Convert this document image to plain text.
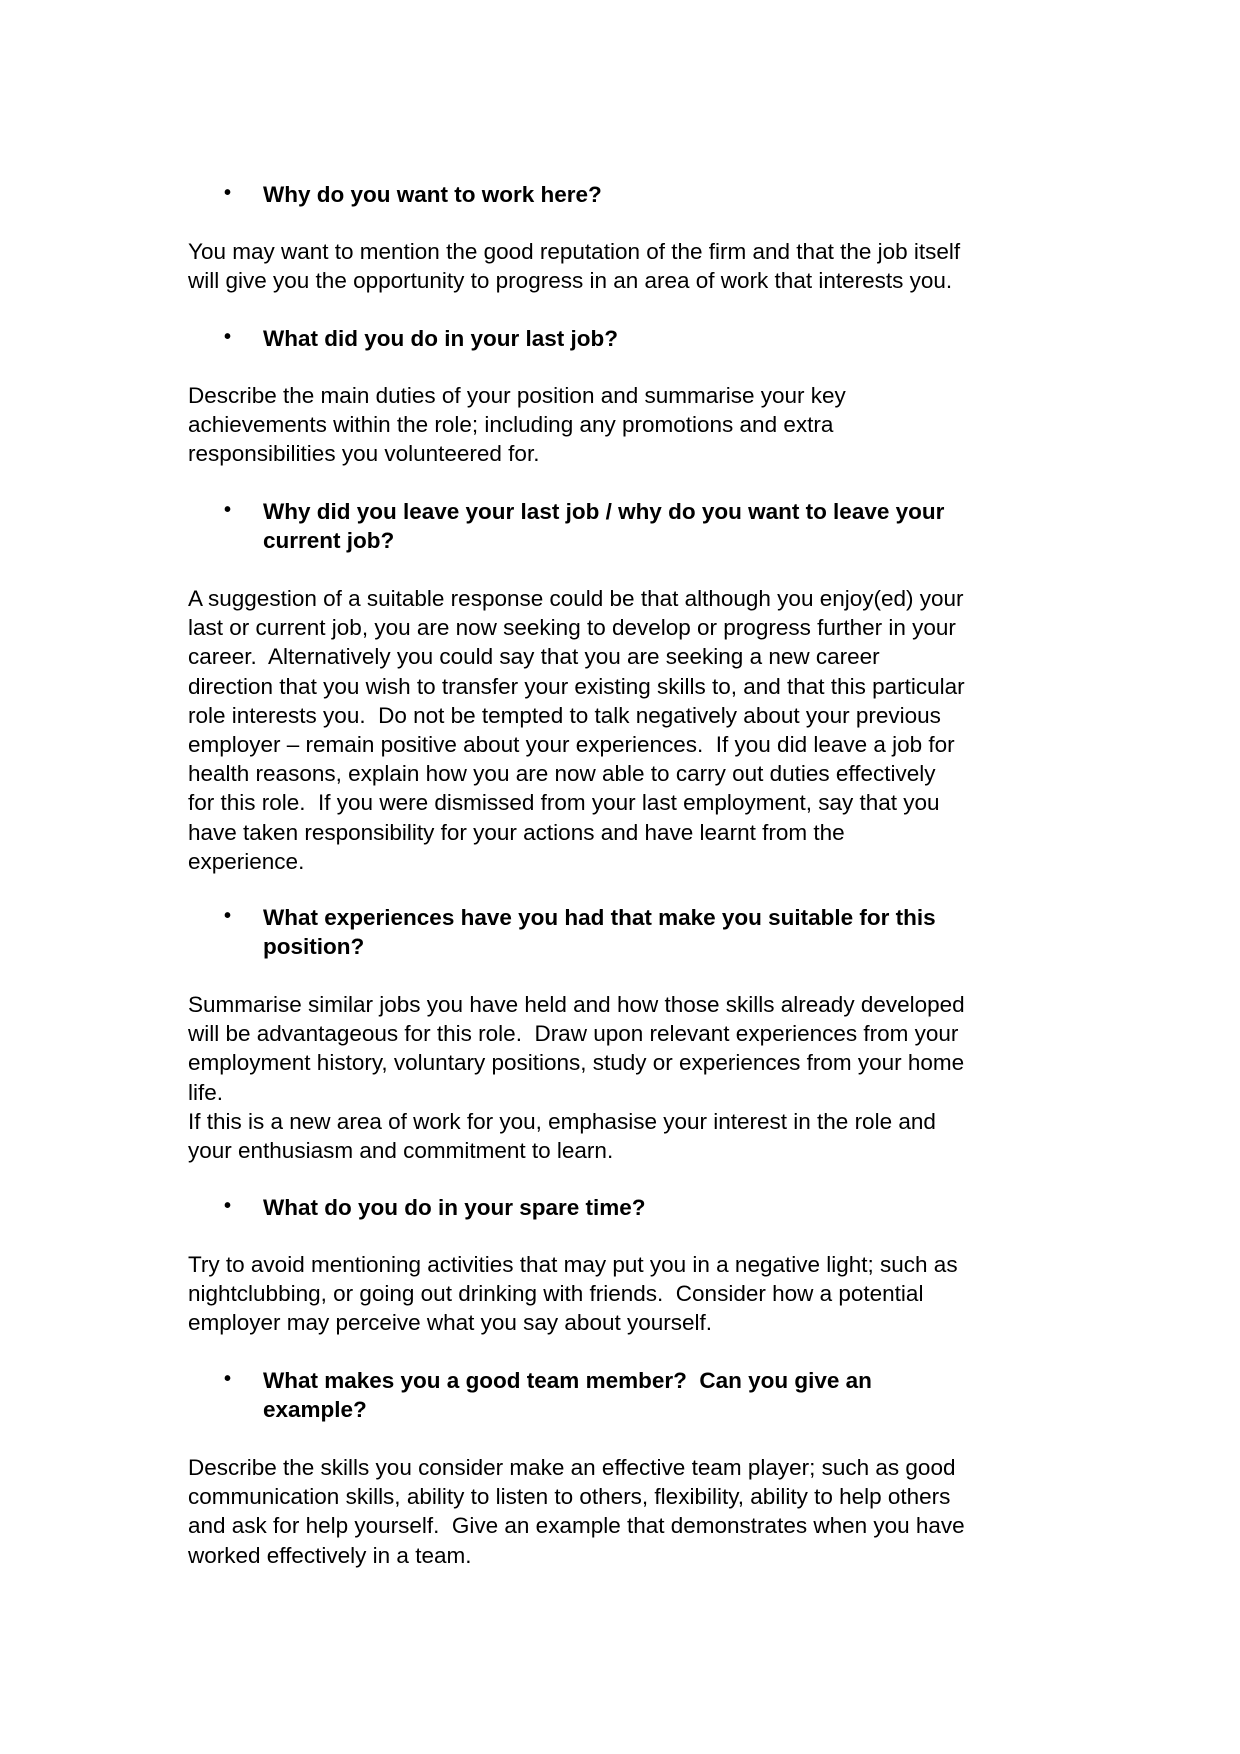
• Why do you want to work here?
You may want to mention the good reputation of the firm and that the job itself
will give you the opportunity to progress in an area of work that interests you.
• What did you do in your last job?
Describe the main duties of your position and summarise your key
achievements within the role; including any promotions and extra
responsibilities you volunteered for.
• Why did you leave your last job / why do you want to leave your
current job?
A suggestion of a suitable response could be that although you enjoy(ed) your
last or current job, you are now seeking to develop or progress further in your
career.  Alternatively you could say that you are seeking a new career
direction that you wish to transfer your existing skills to, and that this particular
role interests you.  Do not be tempted to talk negatively about your previous
employer – remain positive about your experiences.  If you did leave a job for
health reasons, explain how you are now able to carry out duties effectively
for this role.  If you were dismissed from your last employment, say that you
have taken responsibility for your actions and have learnt from the
experience.
• What experiences have you had that make you suitable for this
position?
Summarise similar jobs you have held and how those skills already developed
will be advantageous for this role.  Draw upon relevant experiences from your
employment history, voluntary positions, study or experiences from your home
life.
If this is a new area of work for you, emphasise your interest in the role and
your enthusiasm and commitment to learn.
• What do you do in your spare time?
Try to avoid mentioning activities that may put you in a negative light; such as
nightclubbing, or going out drinking with friends.  Consider how a potential
employer may perceive what you say about yourself.
• What makes you a good team member?  Can you give an
example?
Describe the skills you consider make an effective team player; such as good
communication skills, ability to listen to others, flexibility, ability to help others
and ask for help yourself.  Give an example that demonstrates when you have
worked effectively in a team.
